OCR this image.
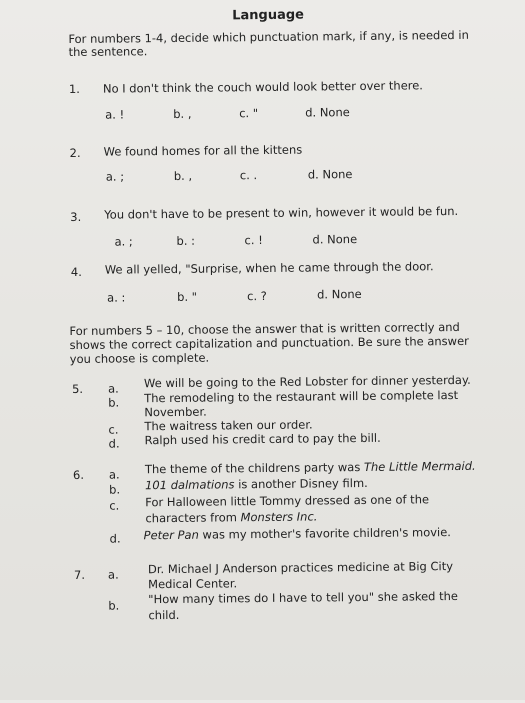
Language
For numbers 1-4, decide which punctuation mark, if any, is needed in
the sentence.
1. No I don't think the couch would look better over there.
a. !	b. ,	c. "	d. None
2. We found homes for all the kittens
a. ;	b. ,	c. .	d. None
3. You don't have to be present to win, however it would be fun.
a. ;	b. :	c. !	d. None
4. We all yelled, "Surprise, when he came through the door.
a. :	b. "	c. ?	d. None
For numbers 5 – 10, choose the answer that is written correctly and
shows the correct capitalization and punctuation. Be sure the answer
you choose is complete.
5. a. We will be going to the Red Lobster for dinner yesterday.
b. The remodeling to the restaurant will be complete last
November.
c. The waitress taken our order.
d. Ralph used his credit card to pay the bill.
6. a. The theme of the childrens party was The Little Mermaid.
b. 101 dalmations is another Disney film.
c. For Halloween little Tommy dressed as one of the
characters from Monsters Inc.
d. Peter Pan was my mother's favorite children's movie.
7. a.	Dr. Michael J Anderson practices medicine at Big City
Medical Center.
b.	"How many times do I have to tell you" she asked the
child.
